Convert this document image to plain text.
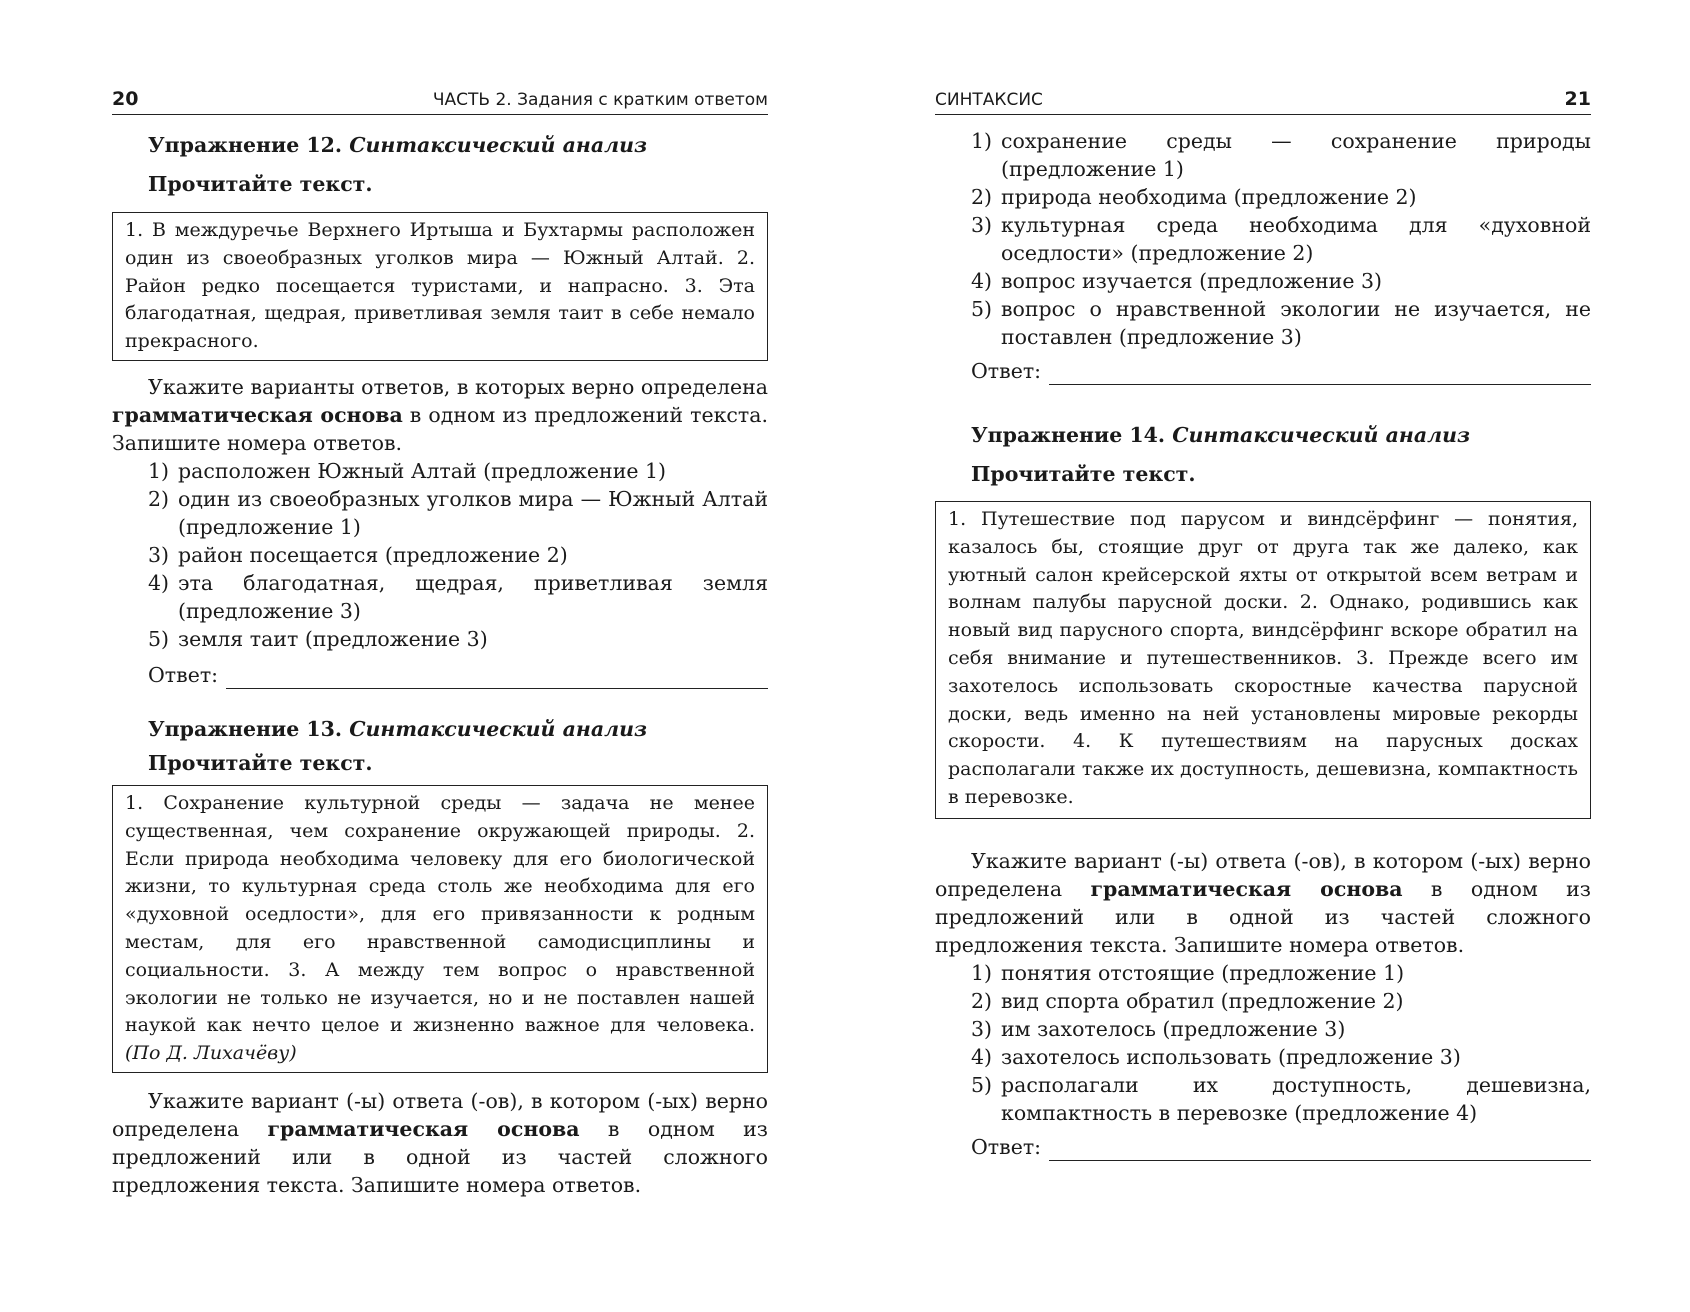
20	ЧАСТЬ 2. Задания с кратким ответом

Упражнение 12. Синтаксический анализ

Прочитайте текст.

1. В междуречье Верхнего Иртыша и Бухтармы расположен один из своеобразных уголков мира — Южный Алтай. 2. Район редко посещается туристами, и напрасно. 3. Эта благодатная, щедрая, приветливая земля таит в себе немало прекрасного.

Укажите варианты ответов, в которых верно определена грамматическая основа в одном из предложений текста. Запишите номера ответов.

1) расположен Южный Алтай (предложение 1)
2) один из своеобразных уголков мира — Южный Алтай (предложение 1)
3) район посещается (предложение 2)
4) эта благодатная, щедрая, приветливая земля (предложение 3)
5) земля таит (предложение 3)
Ответ:

Упражнение 13. Синтаксический анализ

Прочитайте текст.

1. Сохранение культурной среды — задача не менее существенная, чем сохранение окружающей природы. 2. Если природа необходима человеку для его биологической жизни, то культурная среда столь же необходима для его «духовной оседлости», для его привязанности к родным местам, для его нравственной самодисциплины и социальности. 3. А между тем вопрос о нравственной экологии не только не изучается, но и не поставлен нашей наукой как нечто целое и жизненно важное для человека. (По Д. Лихачёву)

Укажите вариант (-ы) ответа (-ов), в котором (-ых) верно определена грамматическая основа в одном из предложений или в одной из частей сложного предложения текста. Запишите номера ответов.

СИНТАКСИС	21
1) сохранение среды — сохранение природы (предложение 1)
2) природа необходима (предложение 2)
3) культурная среда необходима для «духовной оседлости» (предложение 2)
4) вопрос изучается (предложение 3)
5) вопрос о нравственной экологии не изучается, не поставлен (предложение 3)
Ответ:

Упражнение 14. Синтаксический анализ

Прочитайте текст.

1. Путешествие под парусом и виндсёрфинг — понятия, казалось бы, стоящие друг от друга так же далеко, как уютный салон крейсерской яхты от открытой всем ветрам и волнам палубы парусной доски. 2. Однако, родившись как новый вид парусного спорта, виндсёрфинг вскоре обратил на себя внимание и путешественников. 3. Прежде всего им захотелось использовать скоростные качества парусной доски, ведь именно на ней установлены мировые рекорды скорости. 4. К путешествиям на парусных досках располагали также их доступность, дешевизна, компактность в перевозке.

Укажите вариант (-ы) ответа (-ов), в котором (-ых) верно определена грамматическая основа в одном из предложений или в одной из частей сложного предложения текста. Запишите номера ответов.

1) понятия отстоящие (предложение 1)
2) вид спорта обратил (предложение 2)
3) им захотелось (предложение 3)
4) захотелось использовать (предложение 3)
5) располагали их доступность, дешевизна, компактность в перевозке (предложение 4)
Ответ:
